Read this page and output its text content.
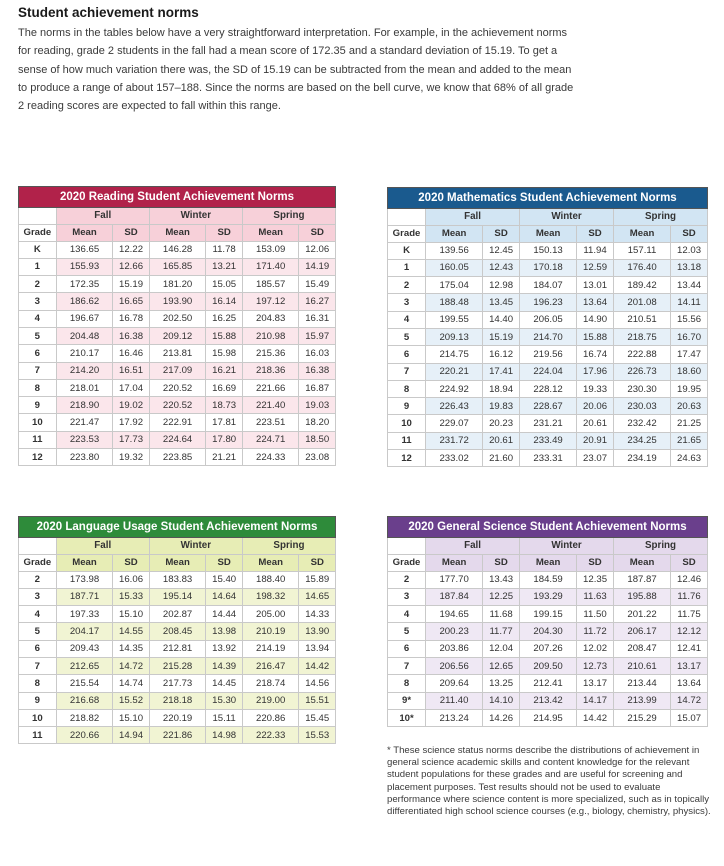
Student achievement norms
The norms in the tables below have a very straightforward interpretation. For example, in the achievement norms for reading, grade 2 students in the fall had a mean score of 172.35 and a standard deviation of 15.19. To get a sense of how much variation there was, the SD of 15.19 can be subtracted from the mean and added to the mean to produce a range of about 157–188. Since the norms are based on the bell curve, we know that 68% of all grade 2 reading scores are expected to fall within this range.
2020 Reading Student Achievement Norms						
	Fall		Winter		Spring	
Grade	Mean	SD	Mean	SD	Mean	SD
K	136.65	12.22	146.28	11.78	153.09	12.06
1	155.93	12.66	165.85	13.21	171.40	14.19
2	172.35	15.19	181.20	15.05	185.57	15.49
3	186.62	16.65	193.90	16.14	197.12	16.27
4	196.67	16.78	202.50	16.25	204.83	16.31
5	204.48	16.38	209.12	15.88	210.98	15.97
6	210.17	16.46	213.81	15.98	215.36	16.03
7	214.20	16.51	217.09	16.21	218.36	16.38
8	218.01	17.04	220.52	16.69	221.66	16.87
9	218.90	19.02	220.52	18.73	221.40	19.03
10	221.47	17.92	222.91	17.81	223.51	18.20
11	223.53	17.73	224.64	17.80	224.71	18.50
12	223.80	19.32	223.85	21.21	224.33	23.08
2020 Mathematics Student Achievement Norms						
	Fall		Winter		Spring	
Grade	Mean	SD	Mean	SD	Mean	SD
K	139.56	12.45	150.13	11.94	157.11	12.03
1	160.05	12.43	170.18	12.59	176.40	13.18
2	175.04	12.98	184.07	13.01	189.42	13.44
3	188.48	13.45	196.23	13.64	201.08	14.11
4	199.55	14.40	206.05	14.90	210.51	15.56
5	209.13	15.19	214.70	15.88	218.75	16.70
6	214.75	16.12	219.56	16.74	222.88	17.47
7	220.21	17.41	224.04	17.96	226.73	18.60
8	224.92	18.94	228.12	19.33	230.30	19.95
9	226.43	19.83	228.67	20.06	230.03	20.63
10	229.07	20.23	231.21	20.61	232.42	21.25
11	231.72	20.61	233.49	20.91	234.25	21.65
12	233.02	21.60	233.31	23.07	234.19	24.63
2020 Language Usage Student Achievement Norms						
	Fall		Winter		Spring	
Grade	Mean	SD	Mean	SD	Mean	SD
2	173.98	16.06	183.83	15.40	188.40	15.89
3	187.71	15.33	195.14	14.64	198.32	14.65
4	197.33	15.10	202.87	14.44	205.00	14.33
5	204.17	14.55	208.45	13.98	210.19	13.90
6	209.43	14.35	212.81	13.92	214.19	13.94
7	212.65	14.72	215.28	14.39	216.47	14.42
8	215.54	14.74	217.73	14.45	218.74	14.56
9	216.68	15.52	218.18	15.30	219.00	15.51
10	218.82	15.10	220.19	15.11	220.86	15.45
11	220.66	14.94	221.86	14.98	222.33	15.53
2020 General Science Student Achievement Norms						
	Fall		Winter		Spring	
Grade	Mean	SD	Mean	SD	Mean	SD
2	177.70	13.43	184.59	12.35	187.87	12.46
3	187.84	12.25	193.29	11.63	195.88	11.76
4	194.65	11.68	199.15	11.50	201.22	11.75
5	200.23	11.77	204.30	11.72	206.17	12.12
6	203.86	12.04	207.26	12.02	208.47	12.41
7	206.56	12.65	209.50	12.73	210.61	13.17
8	209.64	13.25	212.41	13.17	213.44	13.64
9*	211.40	14.10	213.42	14.17	213.99	14.72
10*	213.24	14.26	214.95	14.42	215.29	15.07
* These science status norms describe the distributions of achievement in general science academic skills and content knowledge for the relevant student populations for these grades and are useful for screening and placement purposes. Test results should not be used to evaluate performance where science content is more specialized, such as in topically differentiated high school science courses (e.g., biology, chemistry, physics).
